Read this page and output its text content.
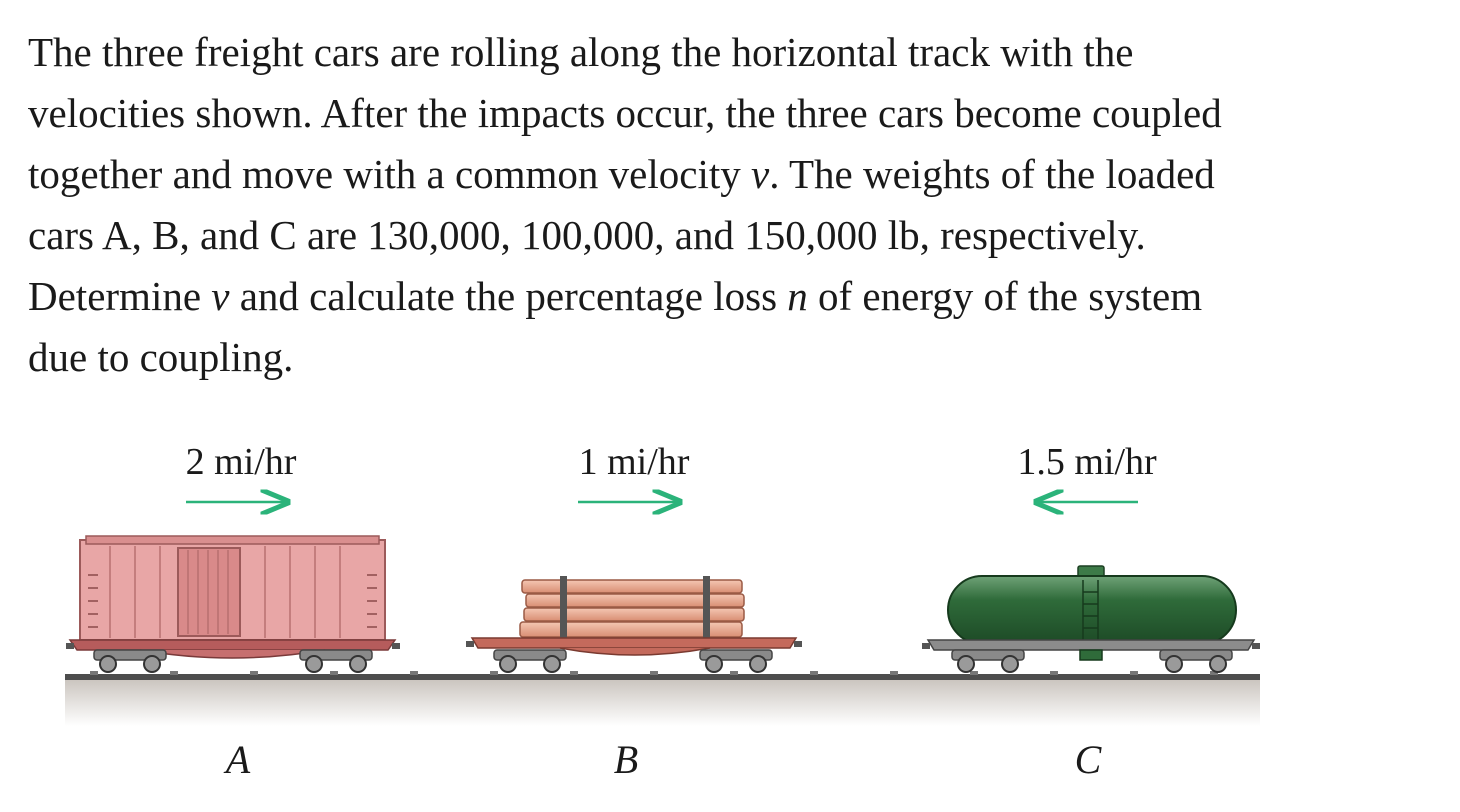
The three freight cars are rolling along the horizontal track with the
velocities shown. After the impacts occur, the three cars become coupled
together and move with a common velocity v. The weights of the loaded
cars A, B, and C are 130,000, 100,000, and 150,000 lb, respectively.
Determine v and calculate the percentage loss n of energy of the system
due to coupling.
2 mi/hr	1 mi/hr	1.5 mi/hr
A	B	C
